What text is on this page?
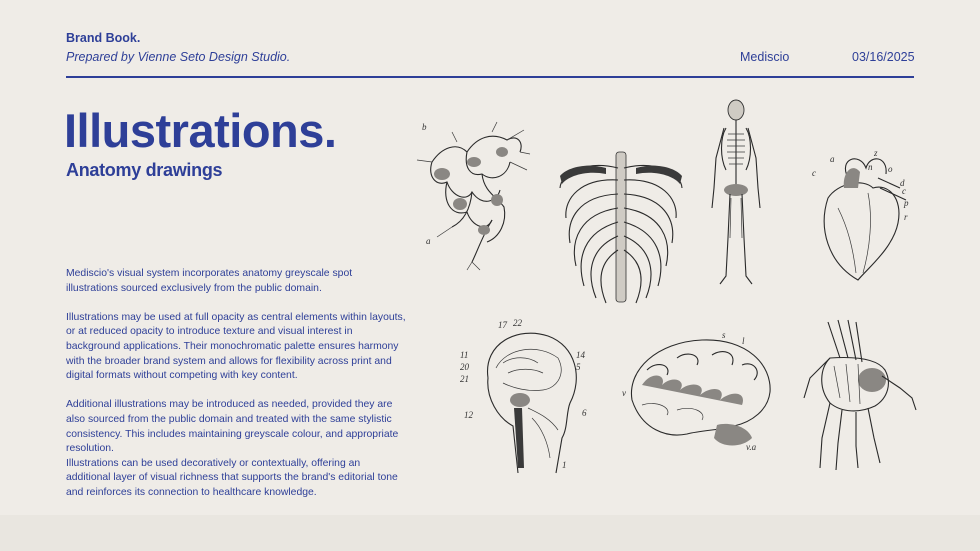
Brand Book.
Prepared by Vienne Seto Design Studio.	Mediscio	03/16/2025
Illustrations.
Anatomy drawings

Mediscio's visual system incorporates anatomy greyscale spot illustrations sourced exclusively from the public domain.

Illustrations may be used at full opacity as central elements within layouts, or at reduced opacity to introduce texture and visual interest in background applications. Their monochromatic palette ensures harmony with the broader brand system and allows for flexibility across print and digital formats without competing with key content.

Additional illustrations may be introduced as needed, provided they are also sourced from the public domain and treated with the same stylistic consistency. This includes maintaining greyscale colour, and appropriate resolution.

Illustrations can be used decoratively or contextually, offering an additional layer of visual richness that supports the brand's editorial tone and reinforces its connection to healthcare knowledge.

b
a
a
z
n o
c
d
c
p
r
17 22
11
20
21
14
5
12	6
1
v
s
l
v.a
